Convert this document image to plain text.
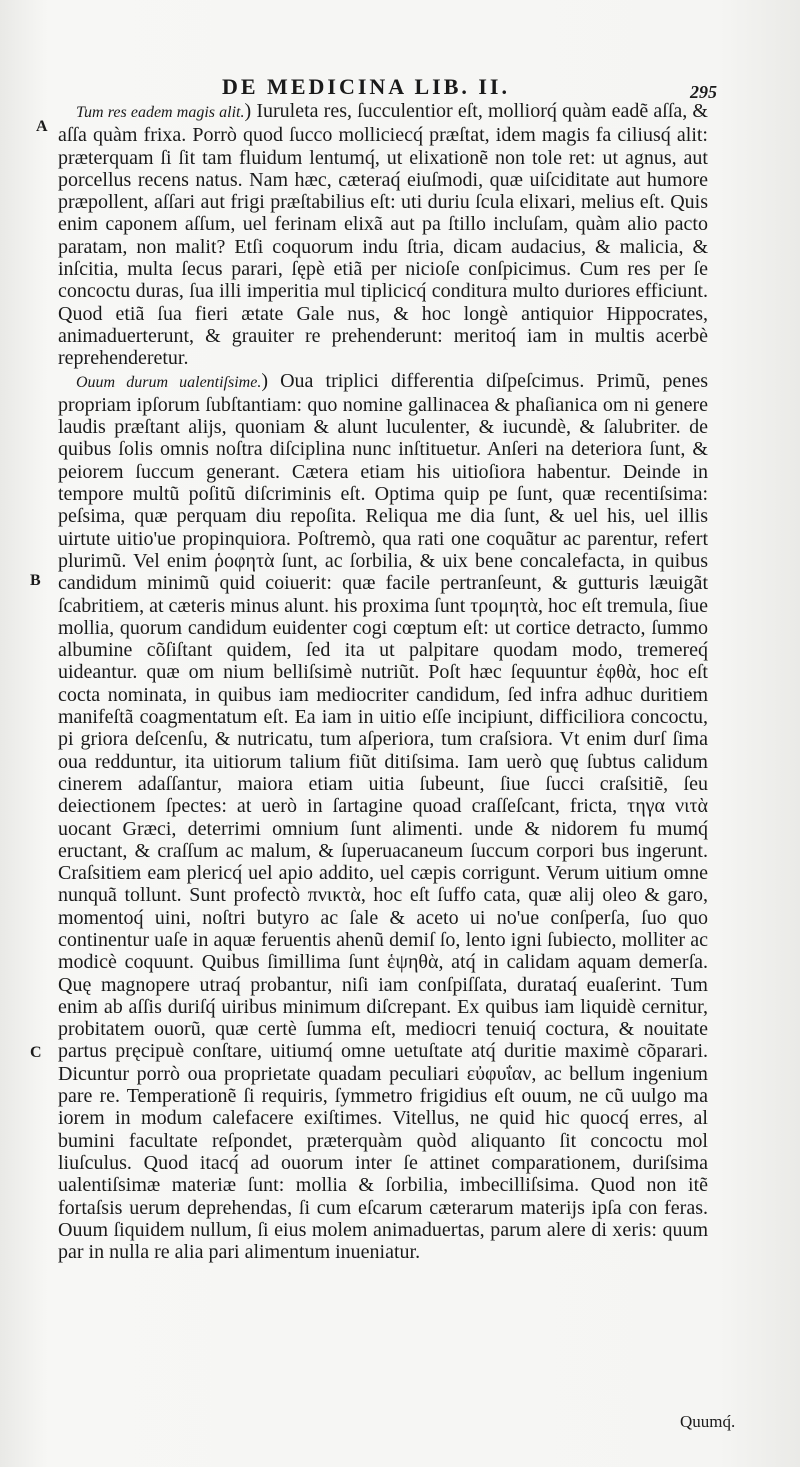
DE MEDICINA LIB. II.	295
A
B
C

Tum res eadem magis alit.) Iuruleta res, ſucculentior eſt, molliorq́ quàm eadẽ aſſa, & aſſa quàm frixa. Porrò quod ſucco molliciecq́ præſtat, idem magis fa ciliusq́ alit: præterquam ſi ſit tam fluidum lentumq́, ut elixationẽ non tole ret: ut agnus, aut porcellus recens natus. Nam hæc, cæteraq́ eiuſmodi, quæ uiſciditate aut humore præpollent, aſſari aut frigi præſtabilius eſt: uti duriu ſcula elixari, melius eſt. Quis enim caponem aſſum, uel ferinam elixã aut pa ſtillo incluſam, quàm alio pacto paratam, non malit? Etſi coquorum indu ſtria, dicam audacius, & malicia, & inſcitia, multa ſecus parari, ſępè etiã per nicioſe conſpicimus. Cum res per ſe concoctu duras, ſua illi imperitia mul tiplicicq́ conditura multo duriores efficiunt. Quod etiã ſua fieri ætate Gale nus, & hoc longè antiquior Hippocrates, animaduerterunt, & grauiter re prehenderunt: meritoq́ iam in multis acerbè reprehenderetur.

Ouum durum ualentiſsime.) Oua triplici differentia diſpeſcimus. Primũ, penes propriam ipſorum ſubſtantiam: quo nomine gallinacea & phaſianica om ni genere laudis præſtant alijs, quoniam & alunt luculenter, & iucundè, & ſalubriter. de quibus ſolis omnis noſtra diſciplina nunc inſtituetur. Anſeri na deteriora ſunt, & peiorem ſuccum generant. Cætera etiam his uitioſiora habentur. Deinde in tempore multũ poſitũ diſcriminis eſt. Optima quip pe ſunt, quæ recentiſsima: peſsima, quæ perquam diu repoſita. Reliqua me dia ſunt, & uel his, uel illis uirtute uitio'ue propinquiora. Poſtremò, qua rati one coquãtur ac parentur, refert plurimũ. Vel enim ῥοφητὰ ſunt, ac ſorbilia, & uix bene concalefacta, in quibus candidum minimũ quid coiuerit: quæ facile pertranſeunt, & gutturis læuigãt ſcabritiem, at cæteris minus alunt. his proxima ſunt τρομητὰ, hoc eſt tremula, ſiue mollia, quorum candidum euidenter cogi cœptum eſt: ut cortice detracto, ſummo albumine cõſiſtant quidem, ſed ita ut palpitare quodam modo, tremereq́ uideantur. quæ om nium belliſsimè nutriũt. Poſt hæc ſequuntur ἑφθὰ, hoc eſt cocta nominata, in quibus iam mediocriter candidum, ſed infra adhuc duritiem manifeſtã coagmentatum eſt. Ea iam in uitio eſſe incipiunt, difficiliora concoctu, pi griora deſcenſu, & nutricatu, tum aſperiora, tum craſsiora. Vt enim durſ ſima oua redduntur, ita uitiorum talium fiũt ditiſsima. Iam uerò quę ſubtus calidum cinerem adaſſantur, maiora etiam uitia ſubeunt, ſiue ſucci craſsitiẽ, ſeu deiectionem ſpectes: at uerò in ſartagine quoad craſſeſcant, fricta, τηγα νιτὰ uocant Græci, deterrimi omnium ſunt alimenti. unde & nidorem fu mumq́ eructant, & craſſum ac malum, & ſuperuacaneum ſuccum corpori bus ingerunt. Craſsitiem eam plericq́ uel apio addito, uel cæpis corrigunt. Verum uitium omne nunquã tollunt. Sunt profectò πνικτὰ, hoc eſt ſuffo cata, quæ alij oleo & garo, momentoq́ uini, noſtri butyro ac ſale & aceto ui no'ue conſperſa, ſuo quo continentur uaſe in aquæ feruentis ahenũ demiſ ſo, lento igni ſubiecto, molliter ac modicè coquunt. Quibus ſimillima ſunt ἑψηθὰ, atq́ in calidam aquam demerſa. Quę magnopere utraq́ probantur, niſi iam conſpiſſata, durataq́ euaſerint. Tum enim ab aſſis duriſq́ uiribus minimum diſcrepant. Ex quibus iam liquidè cernitur, probitatem ouorũ, quæ certè ſumma eſt, mediocri tenuiq́ coctura, & nouitate partus pręcipuè conſtare, uitiumq́ omne uetuſtate atq́ duritie maximè cõparari. Dicuntur porrò oua proprietate quadam peculiari εὐφυΐαν, ac bellum ingenium pare re. Temperationẽ ſi requiris, ſymmetro frigidius eſt ouum, ne cũ uulgo ma iorem in modum calefacere exiſtimes. Vitellus, ne quid hic quocq́ erres, al bumini facultate reſpondet, præterquàm quòd aliquanto ſit concoctu mol liuſculus. Quod itacq́ ad ouorum inter ſe attinet comparationem, duriſsima ualentiſsimæ materiæ ſunt: mollia & ſorbilia, imbecilliſsima. Quod non itẽ fortaſsis uerum deprehendas, ſi cum eſcarum cæterarum materijs ipſa con feras. Ouum ſiquidem nullum, ſi eius molem animaduertas, parum alere di xeris: quum par in nulla re alia pari alimentum inueniatur.

Quumq́.
